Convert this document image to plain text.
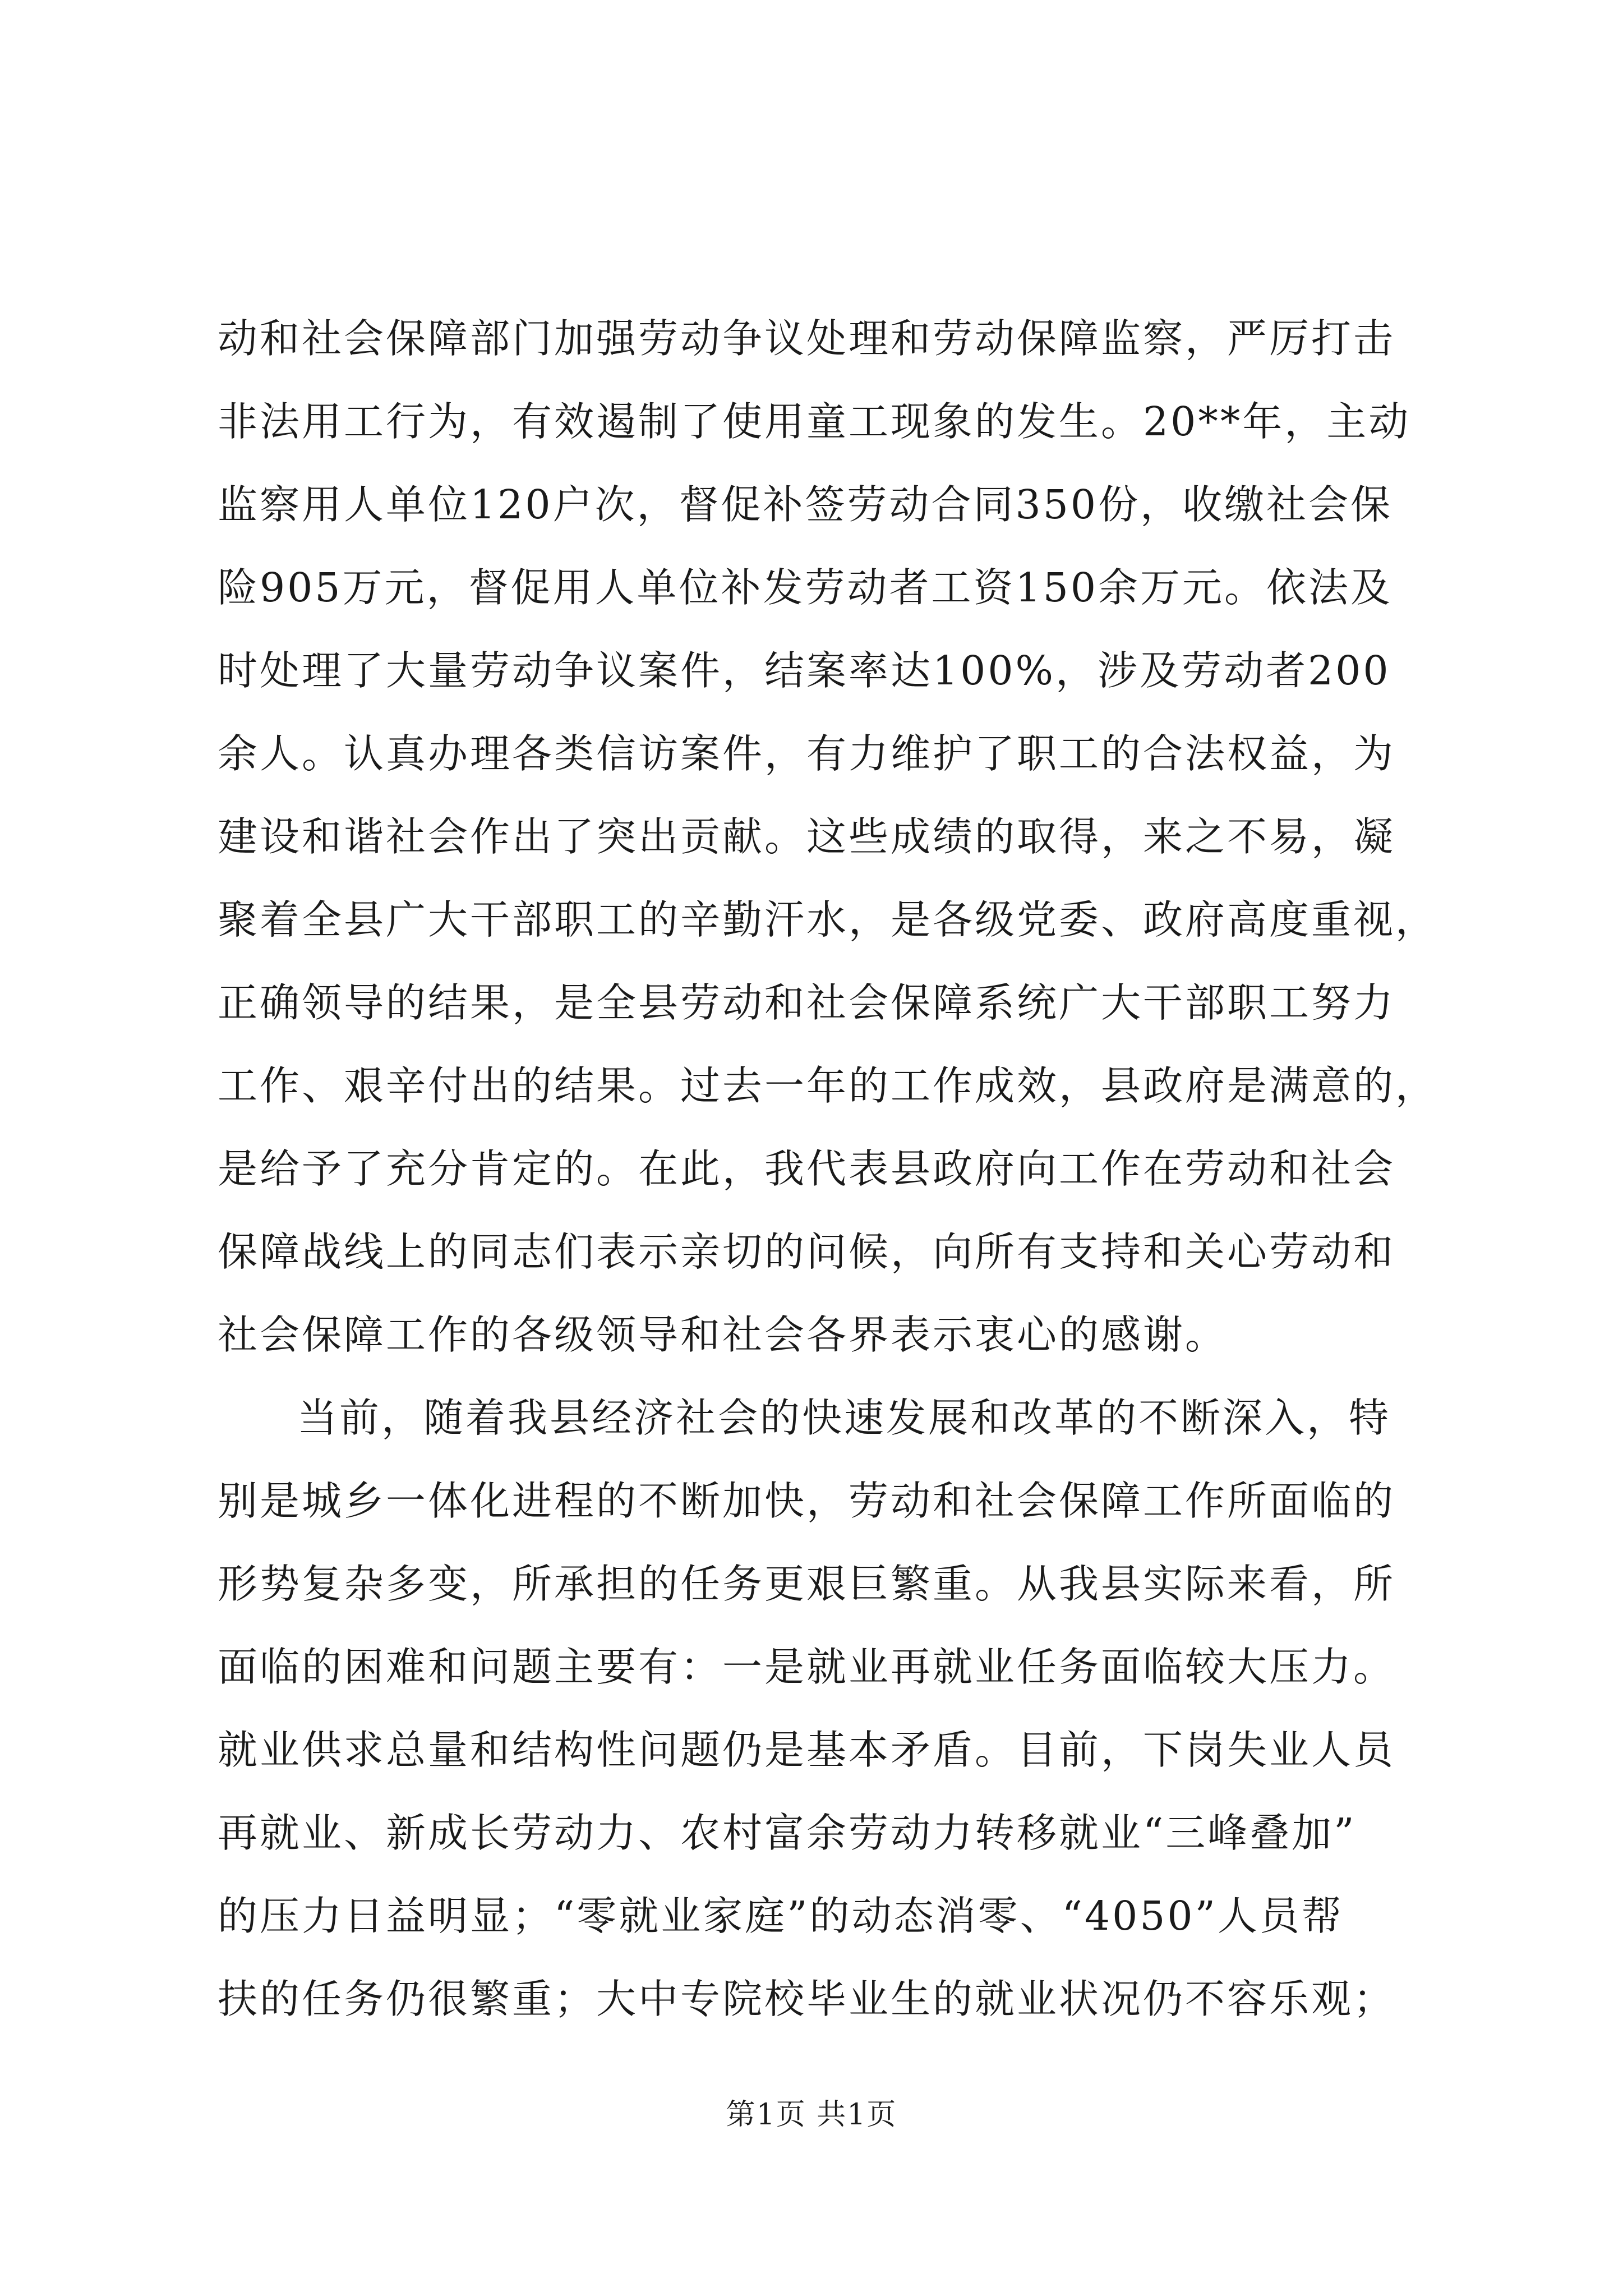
动和社会保障部门加强劳动争议处理和劳动保障监察，严厉打击
非法用工行为，有效遏制了使用童工现象的发生。20**年，主动
监察用人单位120户次，督促补签劳动合同350份，收缴社会保
险905万元，督促用人单位补发劳动者工资150余万元。依法及
时处理了大量劳动争议案件，结案率达100%，涉及劳动者200
余人。认真办理各类信访案件，有力维护了职工的合法权益，为
建设和谐社会作出了突出贡献。这些成绩的取得，来之不易，凝
聚着全县广大干部职工的辛勤汗水，是各级党委、政府高度重视，
正确领导的结果，是全县劳动和社会保障系统广大干部职工努力
工作、艰辛付出的结果。过去一年的工作成效，县政府是满意的，
是给予了充分肯定的。在此，我代表县政府向工作在劳动和社会
保障战线上的同志们表示亲切的问候，向所有支持和关心劳动和
社会保障工作的各级领导和社会各界表示衷心的感谢。
当前，随着我县经济社会的快速发展和改革的不断深入，特
别是城乡一体化进程的不断加快，劳动和社会保障工作所面临的
形势复杂多变，所承担的任务更艰巨繁重。从我县实际来看，所
面临的困难和问题主要有：一是就业再就业任务面临较大压力。
就业供求总量和结构性问题仍是基本矛盾。目前，下岗失业人员
再就业、新成长劳动力、农村富余劳动力转移就业“三峰叠加”
的压力日益明显；“零就业家庭”的动态消零、“4050”人员帮
扶的任务仍很繁重；大中专院校毕业生的就业状况仍不容乐观；
第1页 共1页
